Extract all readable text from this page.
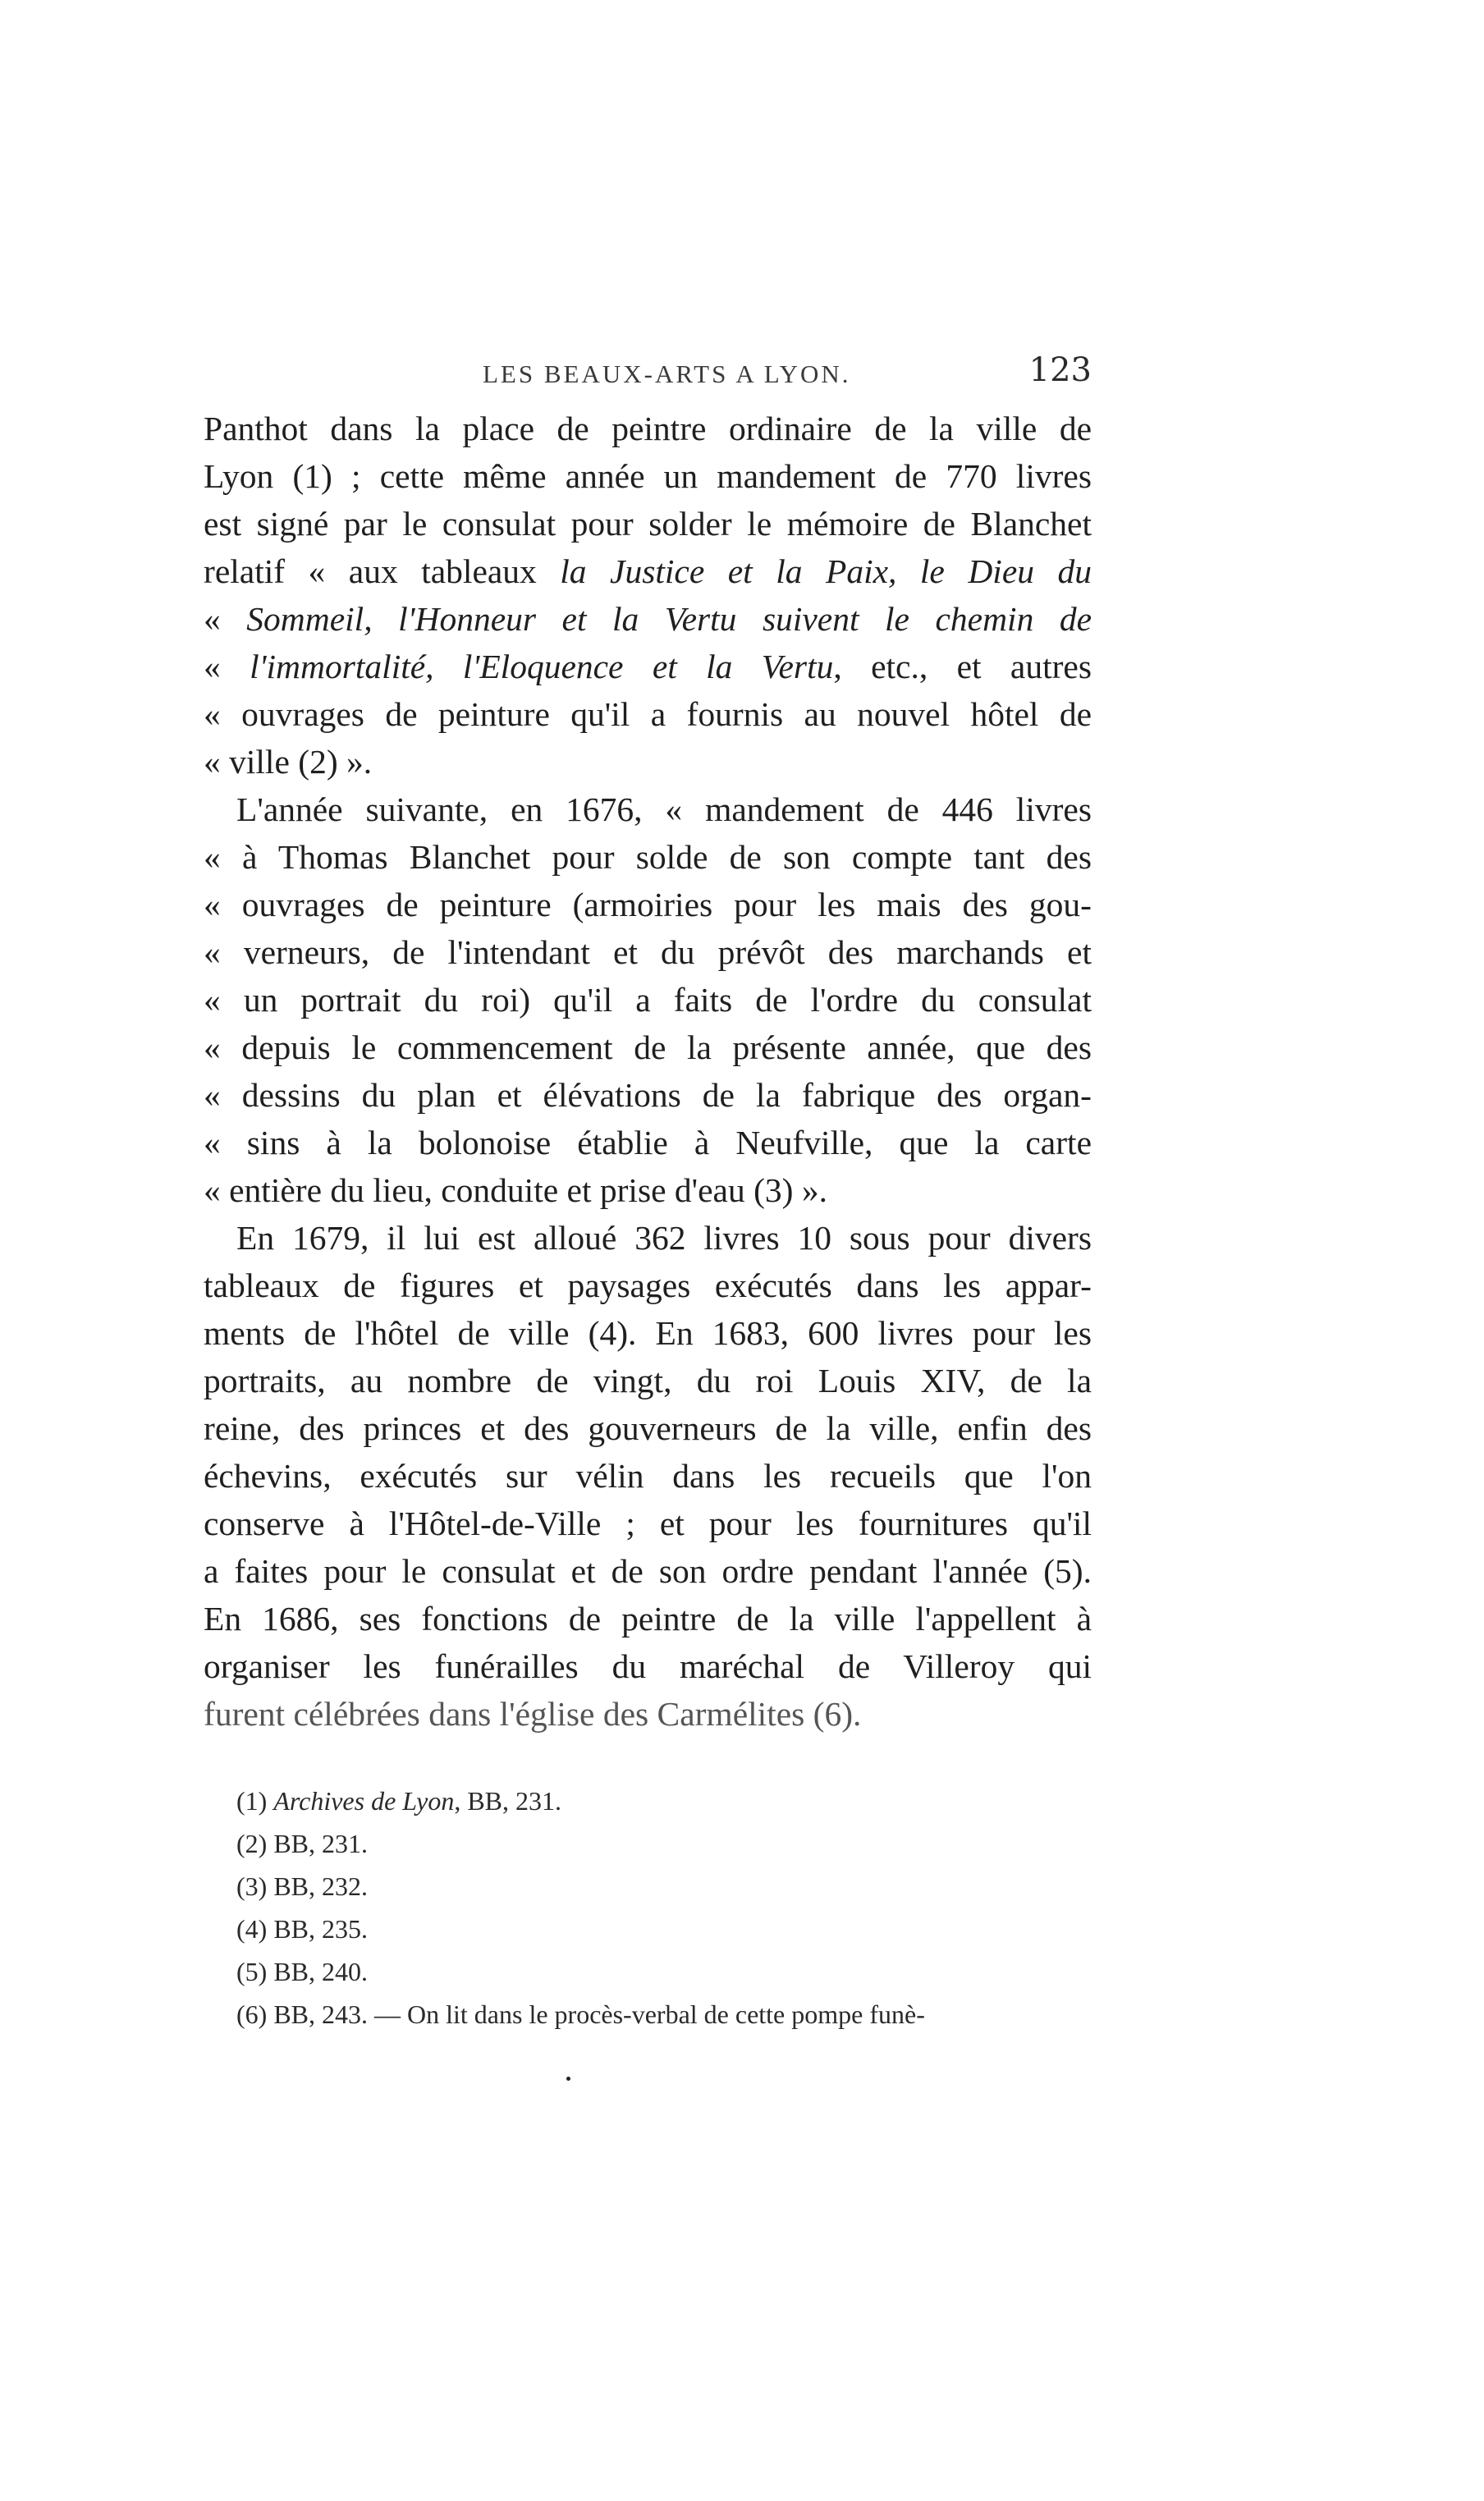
LES BEAUX-ARTS A LYON.	123
Panthot dans la place de peintre ordinaire de la ville de
Lyon (1) ; cette même année un mandement de 770 livres
est signé par le consulat pour solder le mémoire de Blanchet
relatif « aux tableaux la Justice et la Paix, le Dieu du
« Sommeil, l'Honneur et la Vertu suivent le chemin de
« l'immortalité, l'Eloquence et la Vertu, etc., et autres
« ouvrages de peinture qu'il a fournis au nouvel hôtel de
« ville (2) ».
L'année suivante, en 1676, « mandement de 446 livres
« à Thomas Blanchet pour solde de son compte tant des
« ouvrages de peinture (armoiries pour les mais des gou-
« verneurs, de l'intendant et du prévôt des marchands et
« un portrait du roi) qu'il a faits de l'ordre du consulat
« depuis le commencement de la présente année, que des
« dessins du plan et élévations de la fabrique des organ-
« sins à la bolonoise établie à Neufville, que la carte
« entière du lieu, conduite et prise d'eau (3) ».
En 1679, il lui est alloué 362 livres 10 sous pour divers
tableaux de figures et paysages exécutés dans les appar-
ments de l'hôtel de ville (4). En 1683, 600 livres pour les
portraits, au nombre de vingt, du roi Louis XIV, de la
reine, des princes et des gouverneurs de la ville, enfin des
échevins, exécutés sur vélin dans les recueils que l'on
conserve à l'Hôtel-de-Ville ; et pour les fournitures qu'il
a faites pour le consulat et de son ordre pendant l'année (5).
En 1686, ses fonctions de peintre de la ville l'appellent à
organiser les funérailles du maréchal de Villeroy qui
furent célébrées dans l'église des Carmélites (6).
(1) Archives de Lyon, BB, 231.
(2) BB, 231.
(3) BB, 232.
(4) BB, 235.
(5) BB, 240.
(6) BB, 243. — On lit dans le procès-verbal de cette pompe funè-
